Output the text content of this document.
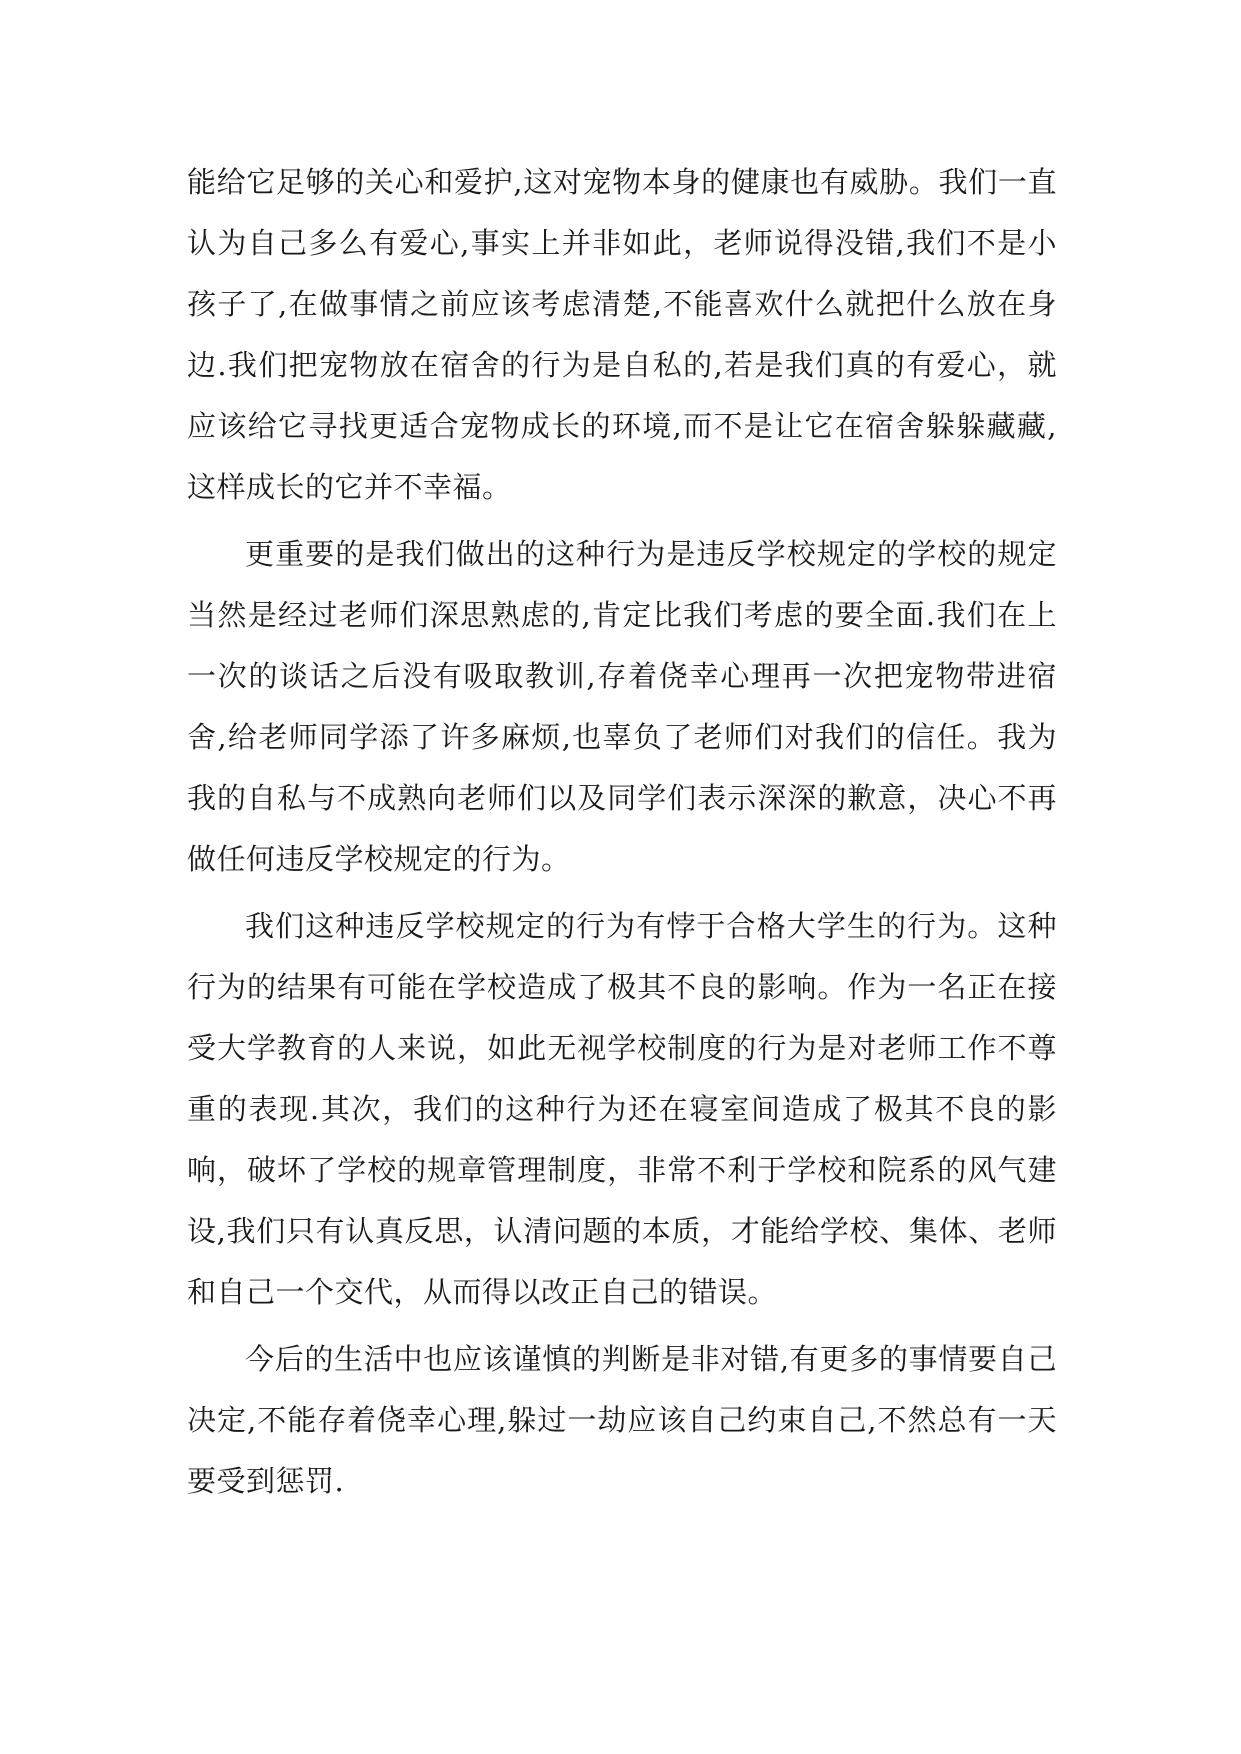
能给它足够的关心和爱护,这对宠物本身的健康也有威胁。我们一直认为自己多么有爱心,事实上并非如此，老师说得没错,我们不是小孩子了,在做事情之前应该考虑清楚,不能喜欢什么就把什么放在身边.我们把宠物放在宿舍的行为是自私的,若是我们真的有爱心，就应该给它寻找更适合宠物成长的环境,而不是让它在宿舍躲躲藏藏,这样成长的它并不幸福。

更重要的是我们做出的这种行为是违反学校规定的学校的规定当然是经过老师们深思熟虑的,肯定比我们考虑的要全面.我们在上一次的谈话之后没有吸取教训,存着侥幸心理再一次把宠物带进宿舍,给老师同学添了许多麻烦,也辜负了老师们对我们的信任。我为我的自私与不成熟向老师们以及同学们表示深深的歉意，决心不再做任何违反学校规定的行为。

我们这种违反学校规定的行为有悖于合格大学生的行为。这种行为的结果有可能在学校造成了极其不良的影响。作为一名正在接受大学教育的人来说，如此无视学校制度的行为是对老师工作不尊重的表现.其次，我们的这种行为还在寝室间造成了极其不良的影响，破坏了学校的规章管理制度，非常不利于学校和院系的风气建设,我们只有认真反思，认清问题的本质，才能给学校、集体、老师和自己一个交代，从而得以改正自己的错误。

今后的生活中也应该谨慎的判断是非对错,有更多的事情要自己决定,不能存着侥幸心理,躲过一劫应该自己约束自己,不然总有一天要受到惩罚.
